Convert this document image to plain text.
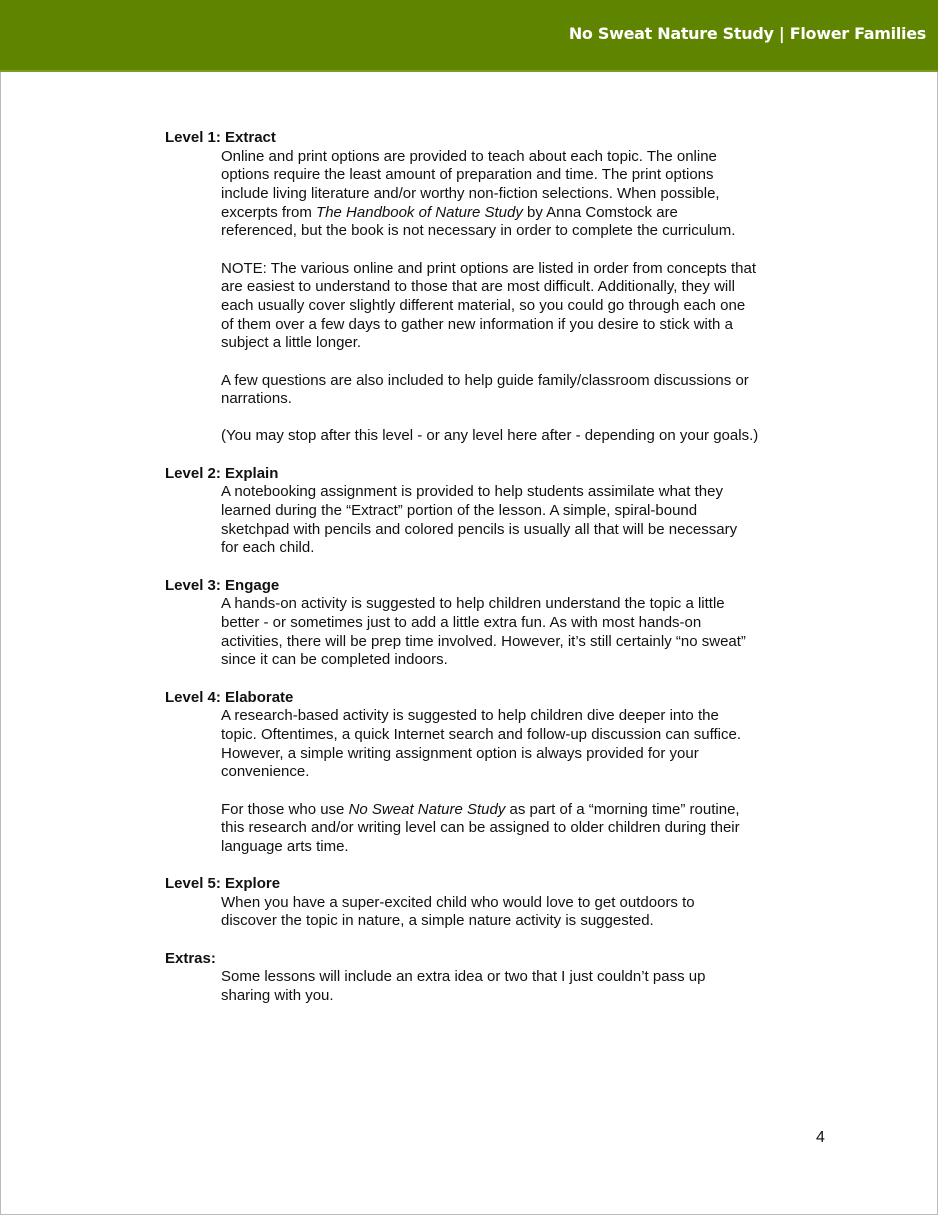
No Sweat Nature Study | Flower Families
Level 1: Extract
Online and print options are provided to teach about each topic. The online
options require the least amount of preparation and time. The print options
include living literature and/or worthy non-fiction selections. When possible,
excerpts from The Handbook of Nature Study by Anna Comstock are
referenced, but the book is not necessary in order to complete the curriculum.
NOTE: The various online and print options are listed in order from concepts that
are easiest to understand to those that are most difficult. Additionally, they will
each usually cover slightly different material, so you could go through each one
of them over a few days to gather new information if you desire to stick with a
subject a little longer.
A few questions are also included to help guide family/classroom discussions or
narrations.
(You may stop after this level - or any level here after - depending on your goals.)
Level 2: Explain
A notebooking assignment is provided to help students assimilate what they
learned during the “Extract” portion of the lesson. A simple, spiral-bound
sketchpad with pencils and colored pencils is usually all that will be necessary
for each child.
Level 3: Engage
A hands-on activity is suggested to help children understand the topic a little
better - or sometimes just to add a little extra fun. As with most hands-on
activities, there will be prep time involved. However, it’s still certainly “no sweat”
since it can be completed indoors.
Level 4: Elaborate
A research-based activity is suggested to help children dive deeper into the
topic. Oftentimes, a quick Internet search and follow-up discussion can suffice.
However, a simple writing assignment option is always provided for your
convenience.
For those who use No Sweat Nature Study as part of a “morning time” routine,
this research and/or writing level can be assigned to older children during their
language arts time.
Level 5: Explore
When you have a super-excited child who would love to get outdoors to
discover the topic in nature, a simple nature activity is suggested.
Extras:
Some lessons will include an extra idea or two that I just couldn’t pass up
sharing with you.
4
